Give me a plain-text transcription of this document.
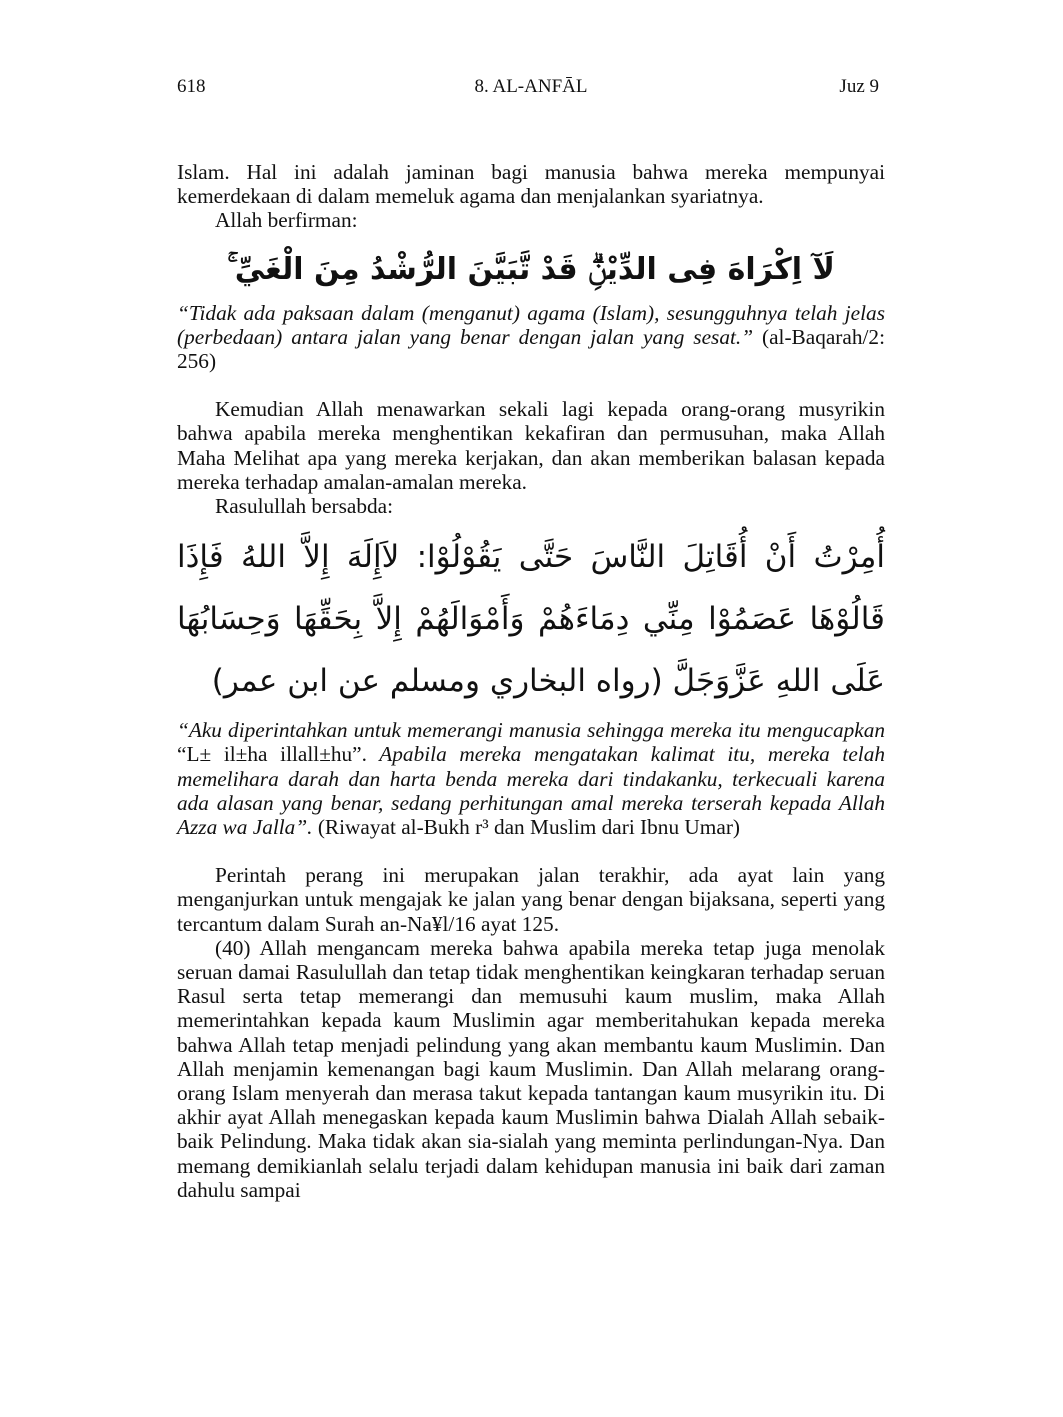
618	8. AL-ANFĀL	Juz 9

Islam. Hal ini adalah jaminan bagi manusia bahwa mereka mempunyai kemerdekaan di dalam memeluk agama dan menjalankan syariatnya.

Allah berfirman:

لَآ اِكْرَاهَ فِى الدِّيْنِۗ قَدْ تَّبَيَّنَ الرُّشْدُ مِنَ الْغَيِّ ۚ

“Tidak ada paksaan dalam (menganut) agama (Islam), sesungguhnya telah jelas (perbedaan) antara jalan yang benar dengan jalan yang sesat.” (al-Baqarah/2: 256)

Kemudian Allah menawarkan sekali lagi kepada orang-orang musyrikin bahwa apabila mereka menghentikan kekafiran dan permusuhan, maka Allah Maha Melihat apa yang mereka kerjakan, dan akan memberikan balasan kepada mereka terhadap amalan-amalan mereka.

Rasulullah bersabda:

أُمِرْتُ أَنْ أُقَاتِلَ النَّاسَ حَتَّى يَقُوْلُوْا: لاَإِلَهَ إِلاَّ اللهُ فَإِذَا قَالُوْهَا عَصَمُوْا مِنِّي دِمَاءَهُمْ وَأَمْوَالَهُمْ إِلاَّ بِحَقِّهَا وَحِسَابُهَا عَلَى اللهِ عَزَّوَجَلَّ (رواه البخاري ومسلم عن ابن عمر)

“Aku diperintahkan untuk memerangi manusia sehingga mereka itu mengucapkan “L± il±ha illall±hu”. Apabila mereka mengatakan kalimat itu, mereka telah memelihara darah dan harta benda mereka dari tindakanku, terkecuali karena ada alasan yang benar, sedang perhitungan amal mereka terserah kepada Allah Azza wa Jalla”. (Riwayat al-Bukh r³ dan Muslim dari Ibnu Umar)

Perintah perang ini merupakan jalan terakhir, ada ayat lain yang menganjurkan untuk mengajak ke jalan yang benar dengan bijaksana, seperti yang tercantum dalam Surah an-Na¥l/16 ayat 125.

(40) Allah mengancam mereka bahwa apabila mereka tetap juga menolak seruan damai Rasulullah dan tetap tidak menghentikan keingkaran terhadap seruan Rasul serta tetap memerangi dan memusuhi kaum muslim, maka Allah memerintahkan kepada kaum Muslimin agar memberitahukan kepada mereka bahwa Allah tetap menjadi pelindung yang akan membantu kaum Muslimin. Dan Allah menjamin kemenangan bagi kaum Muslimin. Dan Allah melarang orang-orang Islam menyerah dan merasa takut kepada tantangan kaum musyrikin itu. Di akhir ayat Allah menegaskan kepada kaum Muslimin bahwa Dialah Allah sebaik-baik Pelindung. Maka tidak akan sia-sialah yang meminta perlindungan-Nya. Dan memang demikianlah selalu terjadi dalam kehidupan manusia ini baik dari zaman dahulu sampai
